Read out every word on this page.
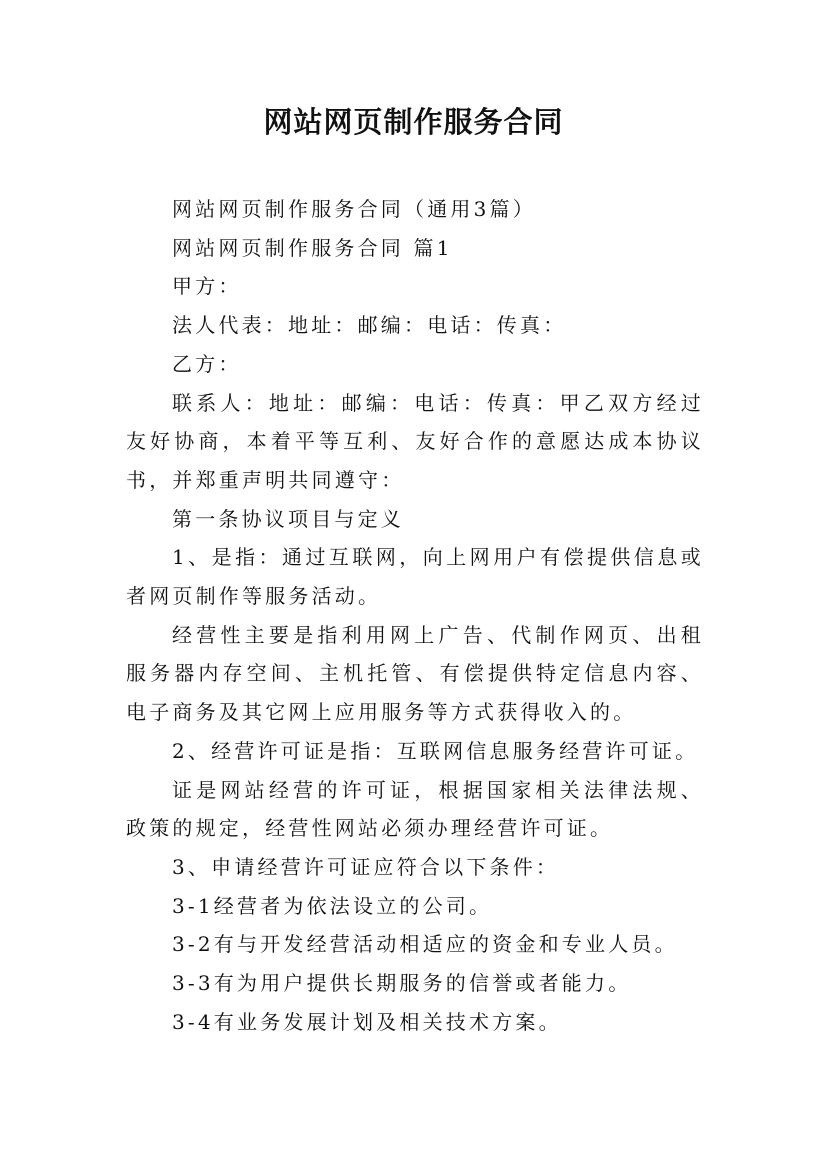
网站网页制作服务合同

网站网页制作服务合同（通用3篇）

网站网页制作服务合同 篇1

甲方：

法人代表：地址：邮编：电话：传真：

乙方：

联系人：地址：邮编：电话：传真：甲乙双方经过友好协商，本着平等互利、友好合作的意愿达成本协议书，并郑重声明共同遵守：

第一条协议项目与定义

1、是指：通过互联网，向上网用户有偿提供信息或者网页制作等服务活动。

经营性主要是指利用网上广告、代制作网页、出租服务器内存空间、主机托管、有偿提供特定信息内容、电子商务及其它网上应用服务等方式获得收入的。

2、经营许可证是指：互联网信息服务经营许可证。

证是网站经营的许可证，根据国家相关法律法规、政策的规定，经营性网站必须办理经营许可证。

3、申请经营许可证应符合以下条件：

3-1经营者为依法设立的公司。

3-2有与开发经营活动相适应的资金和专业人员。

3-3有为用户提供长期服务的信誉或者能力。

3-4有业务发展计划及相关技术方案。
